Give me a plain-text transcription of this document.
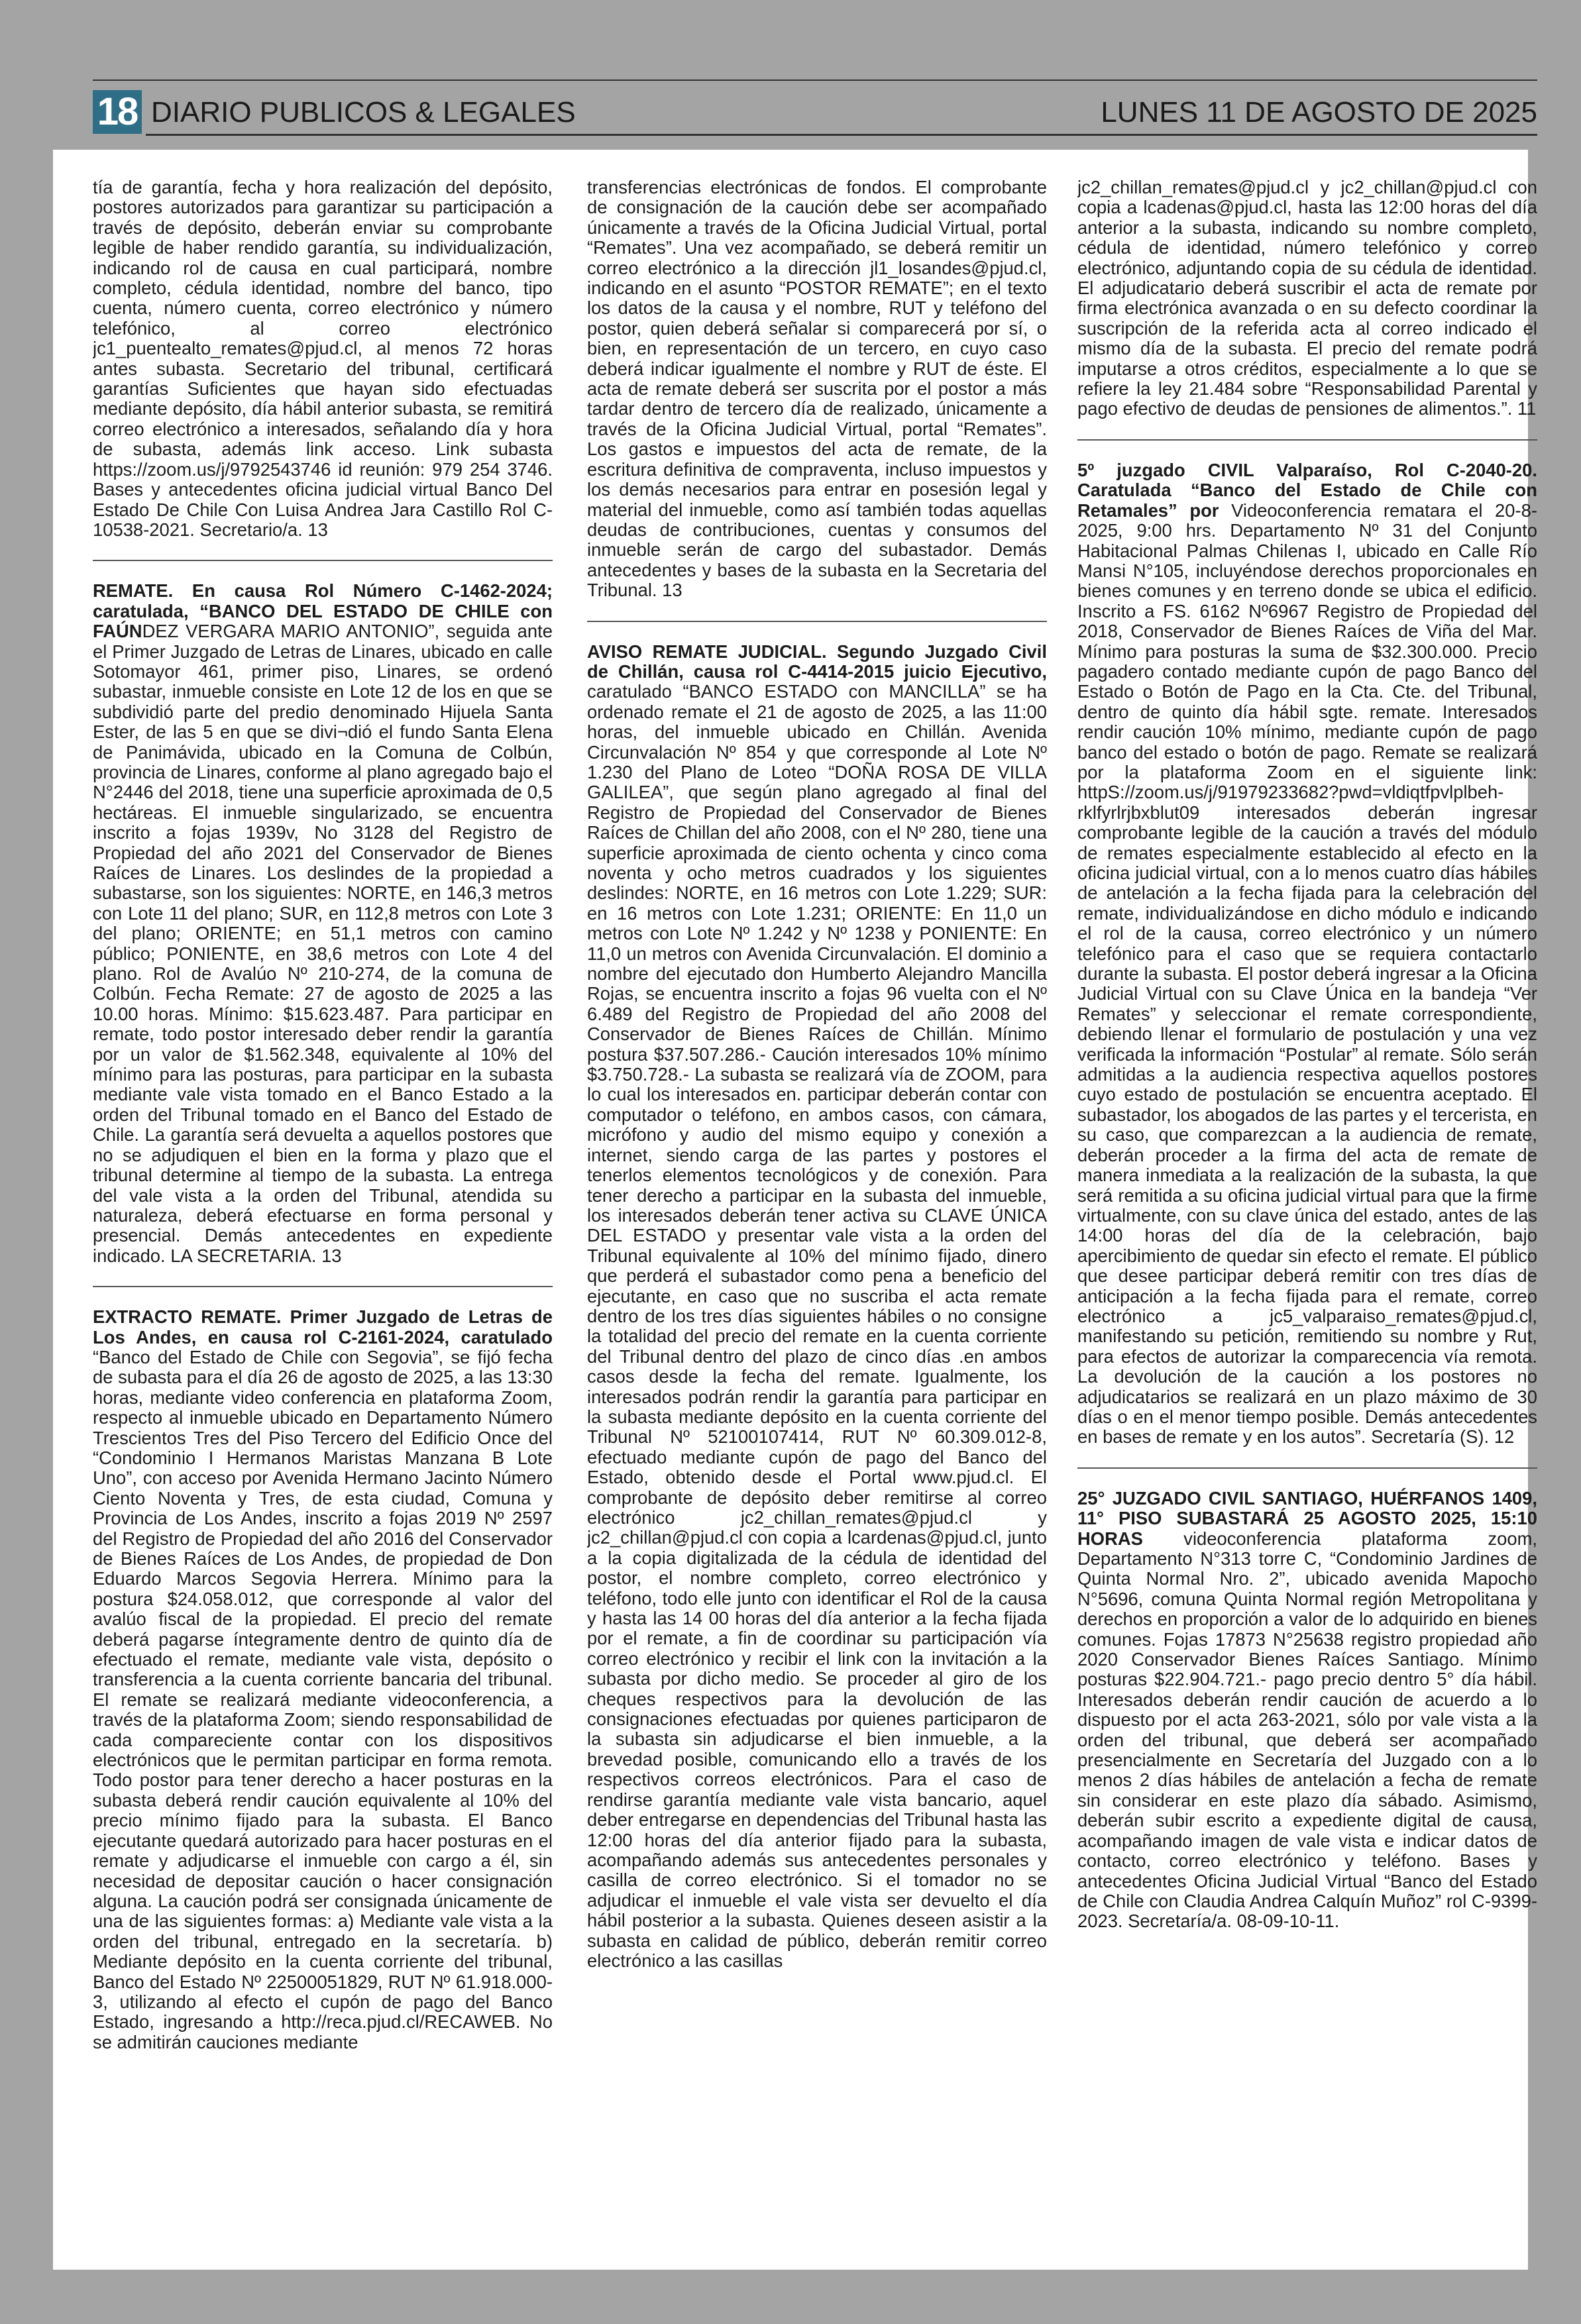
18 DIARIO PUBLICOS & LEGALES	LUNES 11 DE AGOSTO DE 2025

tía de garantía, fecha y hora realización del depósito, postores autorizados para garantizar su participación a través de depósito, deberán enviar su comprobante legible de haber rendido garantía, su individualización, indicando rol de causa en cual participará, nombre completo, cédula identidad, nombre del banco, tipo cuenta, número cuenta, correo electrónico y número telefónico, al correo electrónico jc1_puentealto_remates@pjud.cl, al menos 72 horas antes subasta. Secretario del tribunal, certificará garantías Suficientes que hayan sido efectuadas mediante depósito, día hábil anterior subasta, se remitirá correo electrónico a interesados, señalando día y hora de subasta, además link acceso. Link subasta https://zoom.us/j/9792543746 id reunión: 979 254 3746. Bases y antecedentes oficina judicial virtual Banco Del Estado De Chile Con Luisa Andrea Jara Castillo Rol C-10538-2021. Secretario/a. 13

REMATE. En causa Rol Número C-1462-2024; caratulada, “BANCO DEL ESTADO DE CHILE con FAÚNDEZ VERGARA MARIO ANTONIO”, seguida ante el Primer Juzgado de Letras de Linares, ubicado en calle Sotomayor 461, primer piso, Linares, se ordenó subastar, inmueble consiste en Lote 12 de los en que se subdividió parte del predio denominado Hijuela Santa Ester, de las 5 en que se divi¬dió el fundo Santa Elena de Panimávida, ubicado en la Comuna de Colbún, provincia de Linares, conforme al plano agregado bajo el N°2446 del 2018, tiene una superficie aproximada de 0,5 hectáreas. El inmueble singularizado, se encuentra inscrito a fojas 1939v, No 3128 del Registro de Propiedad del año 2021 del Conservador de Bienes Raíces de Linares. Los deslindes de la propiedad a subastarse, son los siguientes: NORTE, en 146,3 metros con Lote 11 del plano; SUR, en 112,8 metros con Lote 3 del plano; ORIENTE; en 51,1 metros con camino público; PONIENTE, en 38,6 metros con Lote 4 del plano. Rol de Avalúo Nº 210-274, de la comuna de Colbún. Fecha Remate: 27 de agosto de 2025 a las 10.00 horas. Mínimo: $15.623.487. Para participar en remate, todo postor interesado deber rendir la garantía por un valor de $1.562.348, equivalente al 10% del mínimo para las posturas, para participar en la subasta mediante vale vista tomado en el Banco Estado a la orden del Tribunal tomado en el Banco del Estado de Chile. La garantía será devuelta a aquellos postores que no se adjudiquen el bien en la forma y plazo que el tribunal determine al tiempo de la subasta. La entrega del vale vista a la orden del Tribunal, atendida su naturaleza, deberá efectuarse en forma personal y presencial. Demás antecedentes en expediente indicado. LA SECRETARIA. 13

EXTRACTO REMATE. Primer Juzgado de Letras de Los Andes, en causa rol C-2161-2024, caratulado “Banco del Estado de Chile con Segovia”, se fijó fecha de subasta para el día 26 de agosto de 2025, a las 13:30 horas, mediante video conferencia en plataforma Zoom, respecto al inmueble ubicado en Departamento Número Trescientos Tres del Piso Tercero del Edificio Once del “Condominio I Hermanos Maristas Manzana B Lote Uno”, con acceso por Avenida Hermano Jacinto Número Ciento Noventa y Tres, de esta ciudad, Comuna y Provincia de Los Andes, inscrito a fojas 2019 Nº 2597 del Registro de Propiedad del año 2016 del Conservador de Bienes Raíces de Los Andes, de propiedad de Don Eduardo Marcos Segovia Herrera. Mínimo para la postura $24.058.012, que corresponde al valor del avalúo fiscal de la propiedad. El precio del remate deberá pagarse íntegramente dentro de quinto día de efectuado el remate, mediante vale vista, depósito o transferencia a la cuenta corriente bancaria del tribunal. El remate se realizará mediante videoconferencia, a través de la plataforma Zoom; siendo responsabilidad de cada compareciente contar con los dispositivos electrónicos que le permitan participar en forma remota. Todo postor para tener derecho a hacer posturas en la subasta deberá rendir caución equivalente al 10% del precio mínimo fijado para la subasta. El Banco ejecutante quedará autorizado para hacer posturas en el remate y adjudicarse el inmueble con cargo a él, sin necesidad de depositar caución o hacer consignación alguna. La caución podrá ser consignada únicamente de una de las siguientes formas: a) Mediante vale vista a la orden del tribunal, entregado en la secretaría. b) Mediante depósito en la cuenta corriente del tribunal, Banco del Estado Nº 22500051829, RUT Nº 61.918.000- 3, utilizando al efecto el cupón de pago del Banco Estado, ingresando a http://reca.pjud.cl/RECAWEB. No se admitirán cauciones mediante

transferencias electrónicas de fondos. El comprobante de consignación de la caución debe ser acompañado únicamente a través de la Oficina Judicial Virtual, portal “Remates”. Una vez acompañado, se deberá remitir un correo electrónico a la dirección jl1_losandes@pjud.cl, indicando en el asunto “POSTOR REMATE”; en el texto los datos de la causa y el nombre, RUT y teléfono del postor, quien deberá señalar si comparecerá por sí, o bien, en representación de un tercero, en cuyo caso deberá indicar igualmente el nombre y RUT de éste. El acta de remate deberá ser suscrita por el postor a más tardar dentro de tercero día de realizado, únicamente a través de la Oficina Judicial Virtual, portal “Remates”. Los gastos e impuestos del acta de remate, de la escritura definitiva de compraventa, incluso impuestos y los demás necesarios para entrar en posesión legal y material del inmueble, como así también todas aquellas deudas de contribuciones, cuentas y consumos del inmueble serán de cargo del subastador. Demás antecedentes y bases de la subasta en la Secretaria del Tribunal. 13

AVISO REMATE JUDICIAL. Segundo Juzgado Civil de Chillán, causa rol C-4414-2015 juicio Ejecutivo, caratulado “BANCO ESTADO con MANCILLA” se ha ordenado remate el 21 de agosto de 2025, a las 11:00 horas, del inmueble ubicado en Chillán. Avenida Circunvalación Nº 854 y que corresponde al Lote Nº 1.230 del Plano de Loteo “DOÑA ROSA DE VILLA GALILEA”, que según plano agregado al final del Registro de Propiedad del Conservador de Bienes Raíces de Chillan del año 2008, con el Nº 280, tiene una superficie aproximada de ciento ochenta y cinco coma noventa y ocho metros cuadrados y los siguientes deslindes: NORTE, en 16 metros con Lote 1.229; SUR: en 16 metros con Lote 1.231; ORIENTE: En 11,0 un metros con Lote Nº 1.242 y Nº 1238 y PONIENTE: En 11,0 un metros con Avenida Circunvalación. El dominio a nombre del ejecutado don Humberto Alejandro Mancilla Rojas, se encuentra inscrito a fojas 96 vuelta con el Nº 6.489 del Registro de Propiedad del año 2008 del Conservador de Bienes Raíces de Chillán. Mínimo postura $37.507.286.- Caución interesados 10% mínimo $3.750.728.- La subasta se realizará vía de ZOOM, para lo cual los interesados en. participar deberán contar con computador o teléfono, en ambos casos, con cámara, micrófono y audio del mismo equipo y conexión a internet, siendo carga de las partes y postores el tenerlos elementos tecnológicos y de conexión. Para tener derecho a participar en la subasta del inmueble, los interesados deberán tener activa su CLAVE ÚNICA DEL ESTADO y presentar vale vista a la orden del Tribunal equivalente al 10% del mínimo fijado, dinero que perderá el subastador como pena a beneficio del ejecutante, en caso que no suscriba el acta remate dentro de los tres días siguientes hábiles o no consigne la totalidad del precio del remate en la cuenta corriente del Tribunal dentro del plazo de cinco días .en ambos casos desde la fecha del remate. Igualmente, los interesados podrán rendir la garantía para participar en la subasta mediante depósito en la cuenta corriente del Tribunal Nº 52100107414, RUT Nº 60.309.012-8, efectuado mediante cupón de pago del Banco del Estado, obtenido desde el Portal www.pjud.cl. El comprobante de depósito deber remitirse al correo electrónico jc2_chillan_remates@pjud.cl y jc2_chillan@pjud.cl con copia a lcardenas@pjud.cl, junto a la copia digitalizada de la cédula de identidad del postor, el nombre completo, correo electrónico y teléfono, todo elle junto con identificar el Rol de la causa y hasta las 14 00 horas del día anterior a la fecha fijada por el remate, a fin de coordinar su participación vía correo electrónico y recibir el link con la invitación a la subasta por dicho medio. Se proceder al giro de los cheques respectivos para la devolución de las consignaciones efectuadas por quienes participaron de la subasta sin adjudicarse el bien inmueble, a la brevedad posible, comunicando ello a través de los respectivos correos electrónicos. Para el caso de rendirse garantía mediante vale vista bancario, aquel deber entregarse en dependencias del Tribunal hasta las 12:00 horas del día anterior fijado para la subasta, acompañando además sus antecedentes personales y casilla de correo electrónico. Si el tomador no se adjudicar el inmueble el vale vista ser devuelto el día hábil posterior a la subasta. Quienes deseen asistir a la subasta en calidad de público, deberán remitir correo electrónico a las casillas

jc2_chillan_remates@pjud.cl y jc2_chillan@pjud.cl con copia a lcadenas@pjud.cl, hasta las 12:00 horas del día anterior a la subasta, indicando su nombre completo, cédula de identidad, número telefónico y correo electrónico, adjuntando copia de su cédula de identidad. El adjudicatario deberá suscribir el acta de remate por firma electrónica avanzada o en su defecto coordinar la suscripción de la referida acta al correo indicado el mismo día de la subasta. El precio del remate podrá imputarse a otros créditos, especialmente a lo que se refiere la ley 21.484 sobre “Responsabilidad Parental y pago efectivo de deudas de pensiones de alimentos.”. 11

5º juzgado CIVIL Valparaíso, Rol C-2040-20. Caratulada “Banco del Estado de Chile con Retamales” por Videoconferencia rematara el 20-8-2025, 9:00 hrs. Departamento Nº 31 del Conjunto Habitacional Palmas Chilenas I, ubicado en Calle Río Mansi N°105, incluyéndose derechos proporcionales en bienes comunes y en terreno donde se ubica el edificio. Inscrito a FS. 6162 Nº6967 Registro de Propiedad del 2018, Conservador de Bienes Raíces de Viña del Mar. Mínimo para posturas la suma de $32.300.000. Precio pagadero contado mediante cupón de pago Banco del Estado o Botón de Pago en la Cta. Cte. del Tribunal, dentro de quinto día hábil sgte. remate. Interesados rendir caución 10% mínimo, mediante cupón de pago banco del estado o botón de pago. Remate se realizará por la plataforma Zoom en el siguiente link: httpS://zoom.us/j/91979233682?pwd=vldiqtfpvlplbeh-rklfyrlrjbxblut09 interesados deberán ingresar comprobante legible de la caución a través del módulo de remates especialmente establecido al efecto en la oficina judicial virtual, con a lo menos cuatro días hábiles de antelación a la fecha fijada para la celebración del remate, individualizándose en dicho módulo e indicando el rol de la causa, correo electrónico y un número telefónico para el caso que se requiera contactarlo durante la subasta. El postor deberá ingresar a la Oficina Judicial Virtual con su Clave Única en la bandeja “Ver Remates” y seleccionar el remate correspondiente, debiendo llenar el formulario de postulación y una vez verificada la información “Postular” al remate. Sólo serán admitidas a la audiencia respectiva aquellos postores cuyo estado de postulación se encuentra aceptado. El subastador, los abogados de las partes y el tercerista, en su caso, que comparezcan a la audiencia de remate, deberán proceder a la firma del acta de remate de manera inmediata a la realización de la subasta, la que será remitida a su oficina judicial virtual para que la firme virtualmente, con su clave única del estado, antes de las 14:00 horas del día de la celebración, bajo apercibimiento de quedar sin efecto el remate. El público que desee participar deberá remitir con tres días de anticipación a la fecha fijada para el remate, correo electrónico a jc5_valparaiso_remates@pjud.cl, manifestando su petición, remitiendo su nombre y Rut, para efectos de autorizar la comparecencia vía remota. La devolución de la caución a los postores no adjudicatarios se realizará en un plazo máximo de 30 días o en el menor tiempo posible. Demás antecedentes en bases de remate y en los autos”. Secretaría (S). 12

25° JUZGADO CIVIL SANTIAGO, HUÉRFANOS 1409, 11° PISO SUBASTARÁ 25 AGOSTO 2025, 15:10 HORAS videoconferencia plataforma zoom, Departamento N°313 torre C, “Condominio Jardines de Quinta Normal Nro. 2”, ubicado avenida Mapocho N°5696, comuna Quinta Normal región Metropolitana y derechos en proporción a valor de lo adquirido en bienes comunes. Fojas 17873 N°25638 registro propiedad año 2020 Conservador Bienes Raíces Santiago. Mínimo posturas $22.904.721.- pago precio dentro 5° día hábil. Interesados deberán rendir caución de acuerdo a lo dispuesto por el acta 263-2021, sólo por vale vista a la orden del tribunal, que deberá ser acompañado presencialmente en Secretaría del Juzgado con a lo menos 2 días hábiles de antelación a fecha de remate sin considerar en este plazo día sábado. Asimismo, deberán subir escrito a expediente digital de causa, acompañando imagen de vale vista e indicar datos de contacto, correo electrónico y teléfono. Bases y antecedentes Oficina Judicial Virtual “Banco del Estado de Chile con Claudia Andrea Calquín Muñoz” rol C-9399-2023. Secretaría/a. 08-09-10-11.
